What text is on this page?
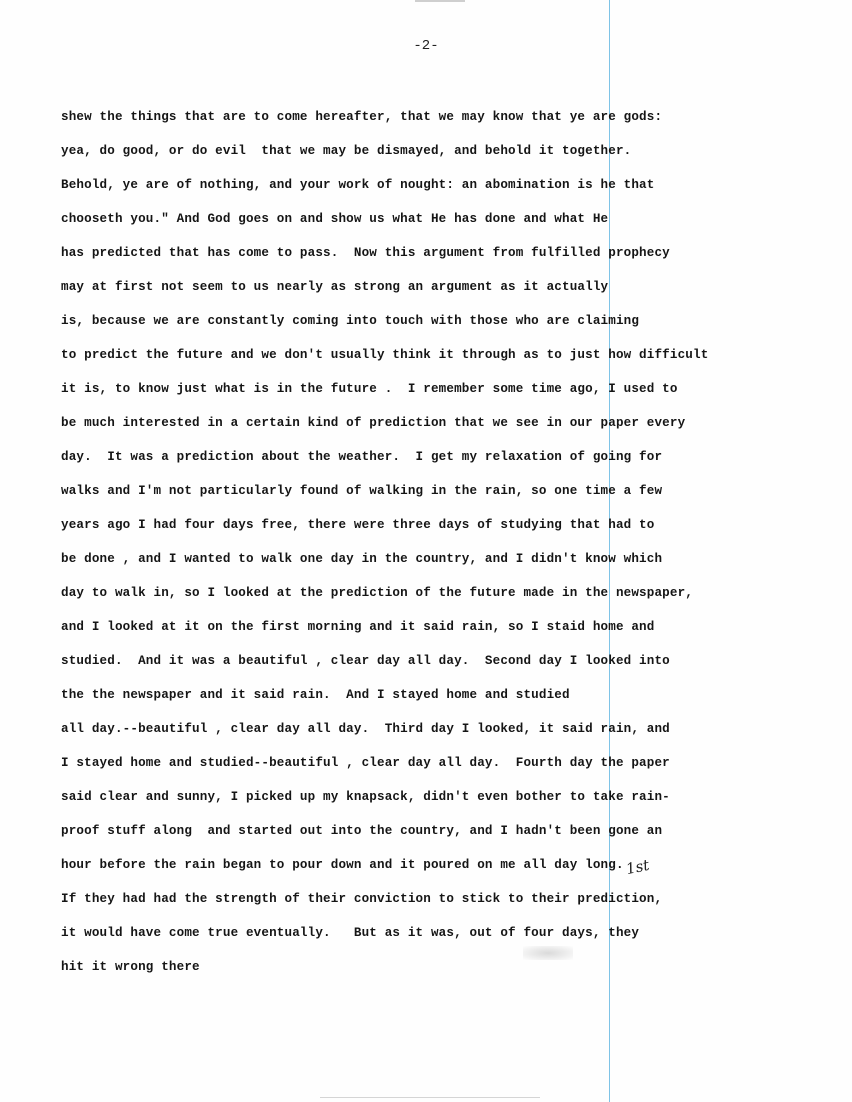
-2-
shew the things that are to come hereafter, that we may know that ye are gods:
yea, do good, or do evil  that we may be dismayed, and behold it together.
Behold, ye are of nothing, and your work of nought: an abomination is he that
chooseth you." And God goes on and show us what He has done and what He
has predicted that has come to pass.  Now this argument from fulfilled prophecy
may at first not seem to us nearly as strong an argument as it actually
is, because we are constantly coming into touch with those who are claiming
to predict the future and we don't usually think it through as to just how difficult
it is, to know just what is in the future .  I remember some time ago, I used to
be much interested in a certain kind of prediction that we see in our paper every
day.  It was a prediction about the weather.  I get my relaxation of going for
walks and I'm not particularly found of walking in the rain, so one time a few
years ago I had four days free, there were three days of studying that had to
be done , and I wanted to walk one day in the country, and I didn't know which
day to walk in, so I looked at the prediction of the future made in the newspaper,
and I looked at it on the first morning and it said rain, so I staid home and
studied.  And it was a beautiful , clear day all day.  Second day I looked into
the the newspaper and it said rain.  And I stayed home and studied
all day.--beautiful , clear day all day.  Third day I looked, it said rain, and
I stayed home and studied--beautiful , clear day all day.  Fourth day the paper
said clear and sunny, I picked up my knapsack, didn't even bother to take rain-
proof stuff along  and started out into the country, and I hadn't been gone an
hour before the rain began to pour down and it poured on me all day long.
If they had had the strength of their conviction to stick to their prediction,
it would have come true eventually.   But as it was, out of four days, they
hit it wrong there
1st
